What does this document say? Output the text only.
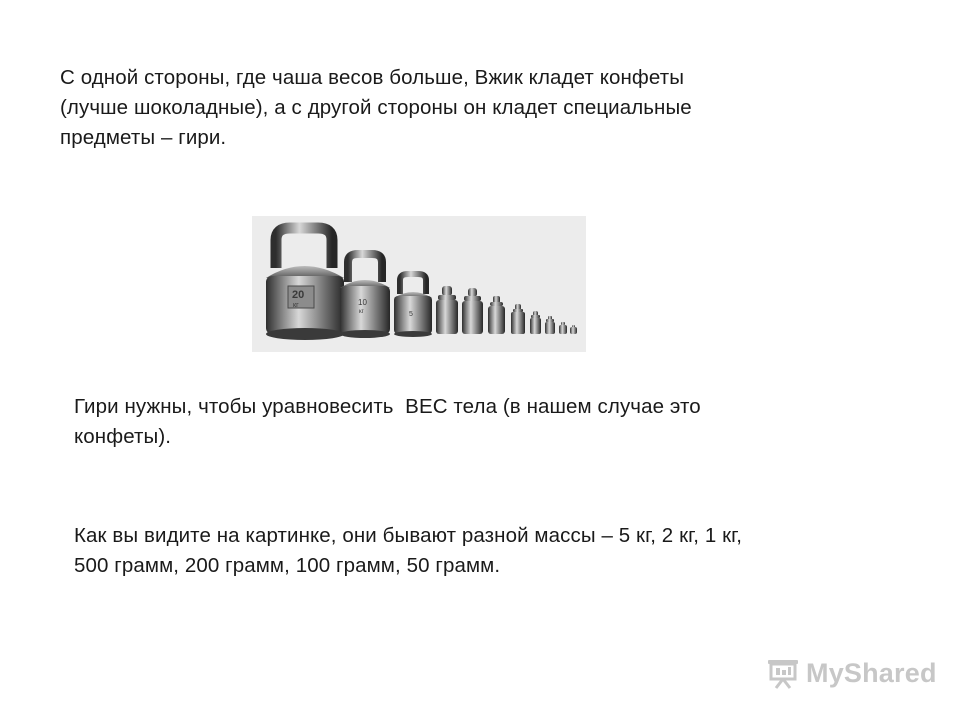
С одной стороны, где чаша весов больше, Вжик кладет конфеты
(лучше шоколадные), а с другой стороны он кладет специальные
предметы – гири.

20
кг	10
кг	5

Гири нужны, чтобы уравновесить  ВЕС тела (в нашем случае это
конфеты).

Как вы видите на картинке, они бывают разной массы – 5 кг, 2 кг, 1 кг,
500 грамм, 200 грамм, 100 грамм, 50 грамм.

MyShared
